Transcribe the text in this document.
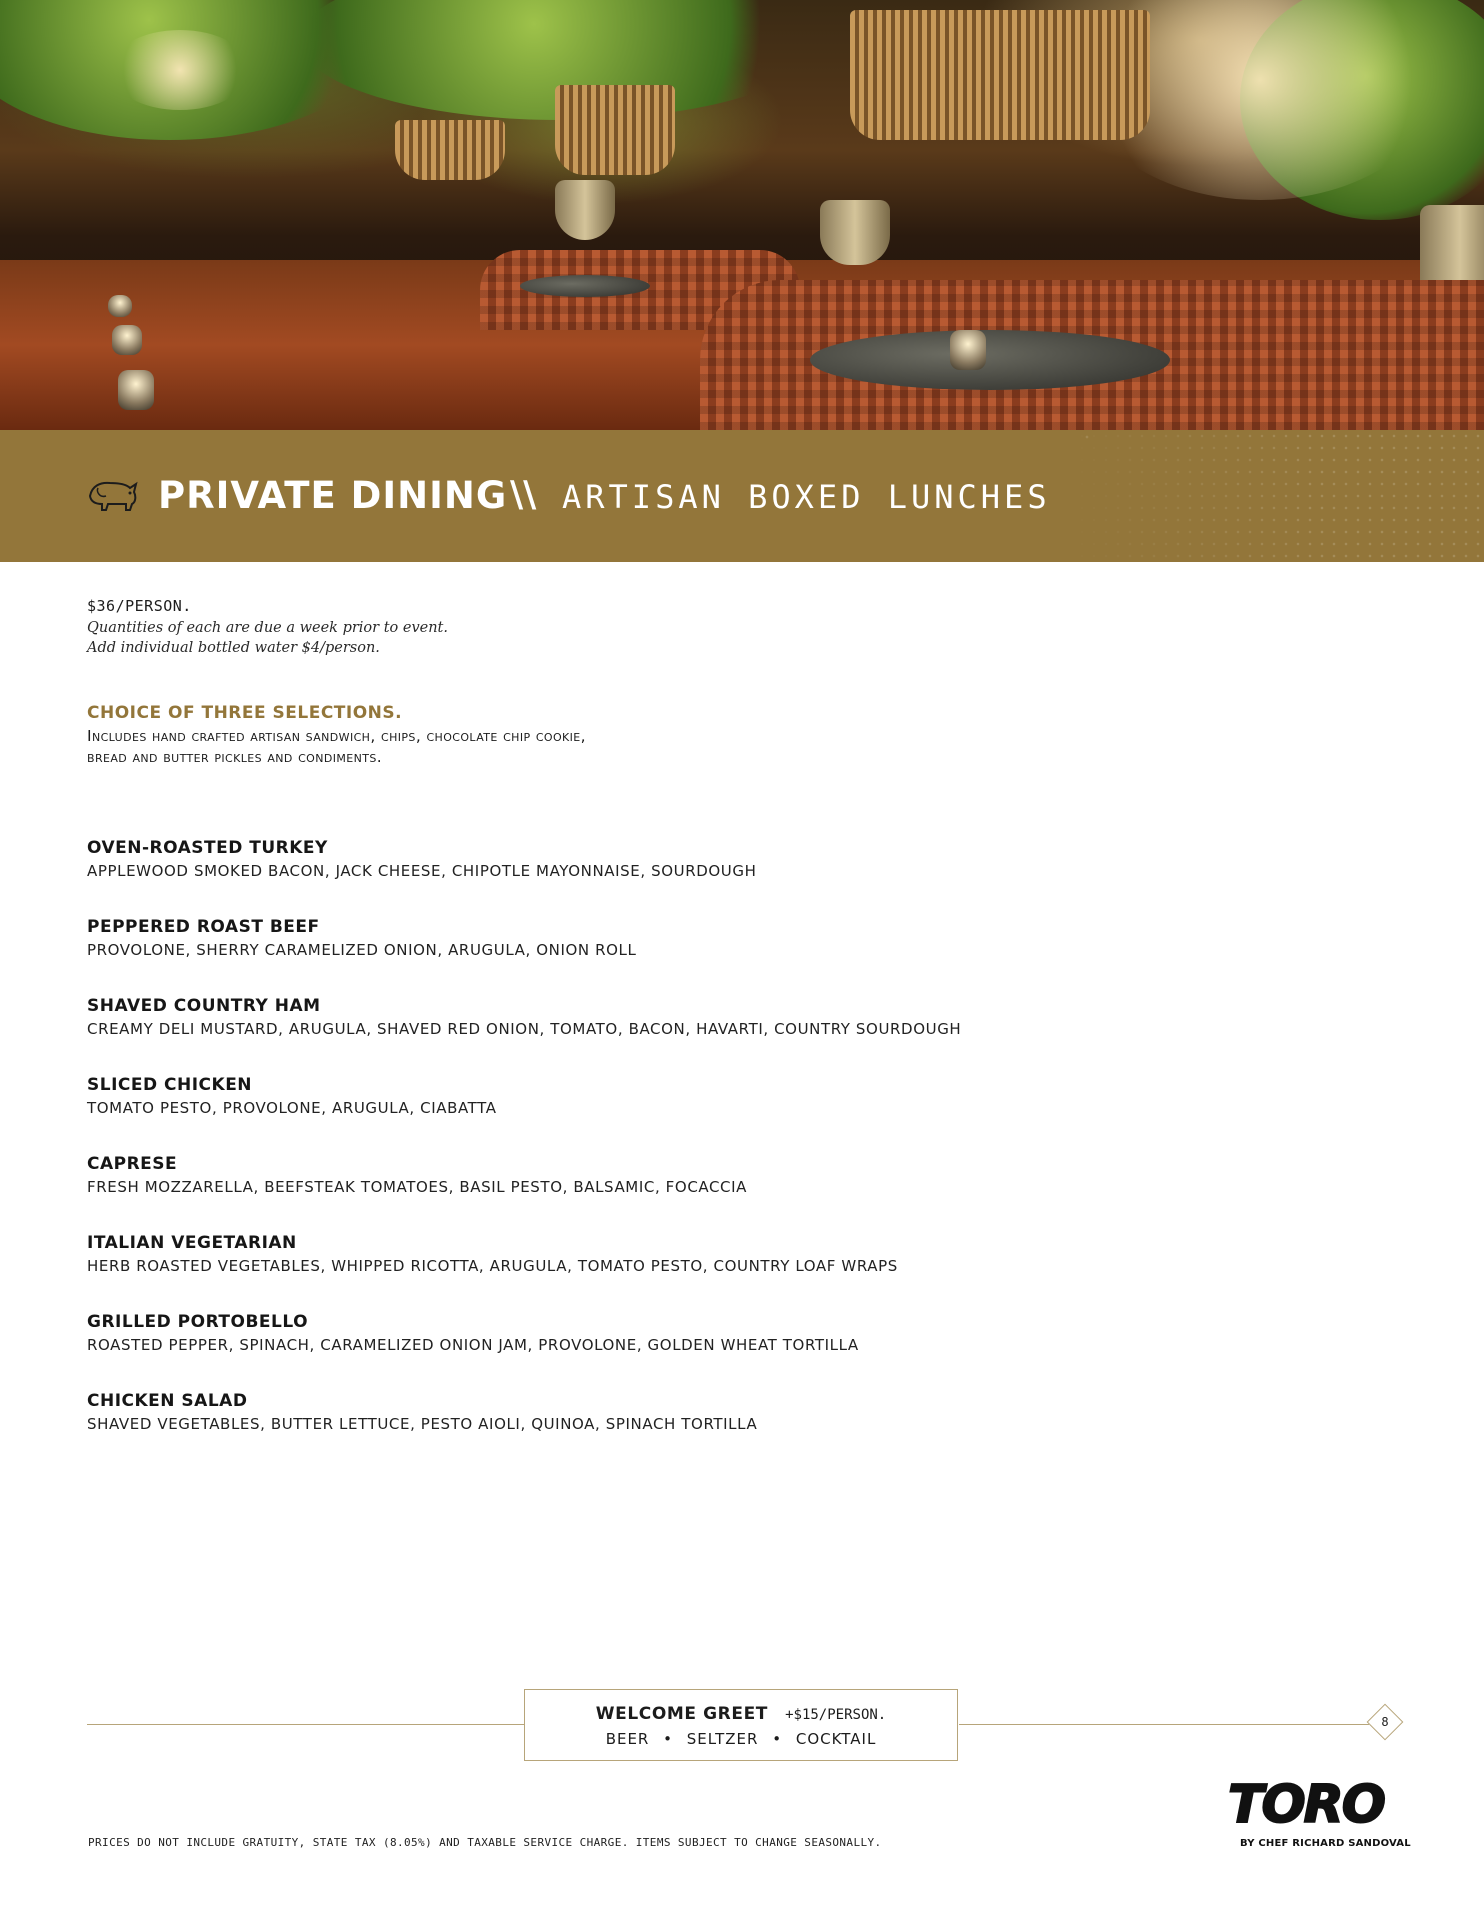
PRIVATE DINING \\ ARTISAN BOXED LUNCHES
$36/PERSON.
Quantities of each are due a week prior to event.
Add individual bottled water $4/person.
CHOICE OF THREE SELECTIONS.
Includes hand crafted artisan sandwich, chips, chocolate chip cookie,
bread and butter pickles and condiments.
OVEN-ROASTED TURKEY
APPLEWOOD SMOKED BACON, JACK CHEESE, CHIPOTLE MAYONNAISE, SOURDOUGH
PEPPERED ROAST BEEF
PROVOLONE, SHERRY CARAMELIZED ONION, ARUGULA, ONION ROLL
SHAVED COUNTRY HAM
CREAMY DELI MUSTARD, ARUGULA, SHAVED RED ONION, TOMATO, BACON, HAVARTI, COUNTRY SOURDOUGH
SLICED CHICKEN
TOMATO PESTO, PROVOLONE, ARUGULA, CIABATTA
CAPRESE
FRESH MOZZARELLA, BEEFSTEAK TOMATOES, BASIL PESTO, BALSAMIC, FOCACCIA
ITALIAN VEGETARIAN
HERB ROASTED VEGETABLES, WHIPPED RICOTTA, ARUGULA, TOMATO PESTO, COUNTRY LOAF WRAPS
GRILLED PORTOBELLO
ROASTED PEPPER, SPINACH, CARAMELIZED ONION JAM, PROVOLONE, GOLDEN WHEAT TORTILLA
CHICKEN SALAD
SHAVED VEGETABLES, BUTTER LETTUCE, PESTO AIOLI, QUINOA, SPINACH TORTILLA
WELCOME GREET +$15/PERSON.
BEER • SELTZER • COCKTAIL
8
PRICES DO NOT INCLUDE GRATUITY, STATE TAX (8.05%) AND TAXABLE SERVICE CHARGE. ITEMS SUBJECT TO CHANGE SEASONALLY.
TORO
BY CHEF RICHARD SANDOVAL
